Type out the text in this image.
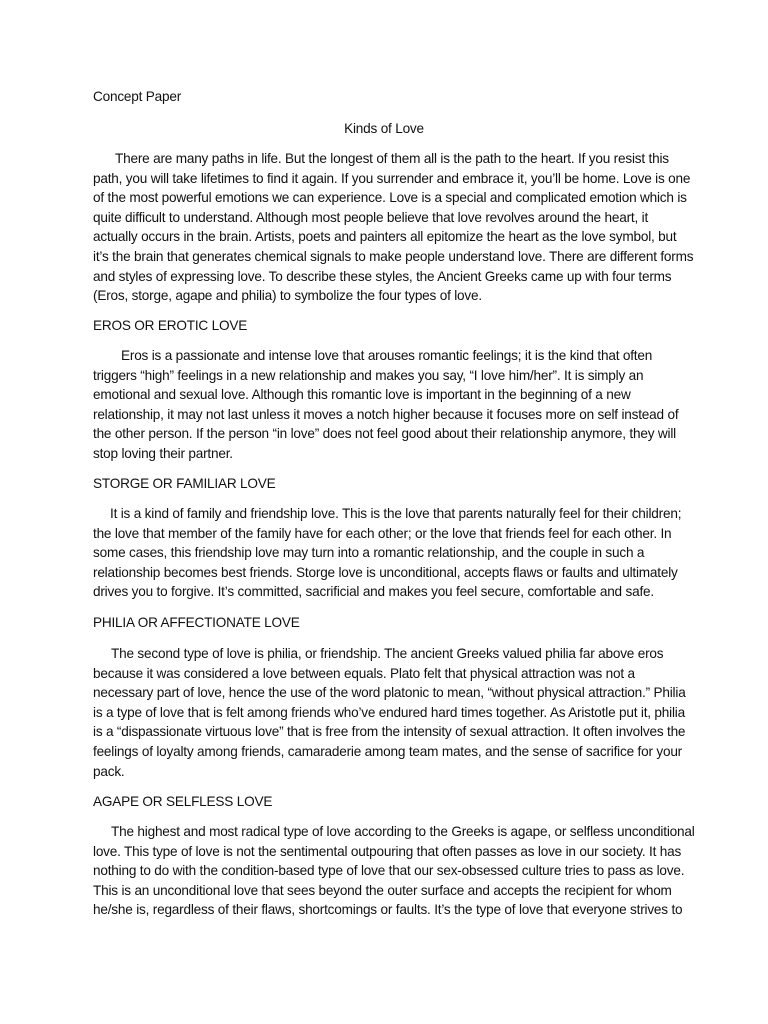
Concept Paper
Kinds of Love
There are many paths in life. But the longest of them all is the path to the heart. If you resist this
path, you will take lifetimes to find it again. If you surrender and embrace it, you’ll be home. Love is one
of the most powerful emotions we can experience. Love is a special and complicated emotion which is
quite difficult to understand. Although most people believe that love revolves around the heart, it
actually occurs in the brain. Artists, poets and painters all epitomize the heart as the love symbol, but
it’s the brain that generates chemical signals to make people understand love. There are different forms
and styles of expressing love. To describe these styles, the Ancient Greeks came up with four terms
(Eros, storge, agape and philia) to symbolize the four types of love.
EROS OR EROTIC LOVE
Eros is a passionate and intense love that arouses romantic feelings; it is the kind that often
triggers “high” feelings in a new relationship and makes you say, “I love him/her”. It is simply an
emotional and sexual love. Although this romantic love is important in the beginning of a new
relationship, it may not last unless it moves a notch higher because it focuses more on self instead of
the other person. If the person “in love” does not feel good about their relationship anymore, they will
stop loving their partner.
STORGE OR FAMILIAR LOVE
It is a kind of family and friendship love. This is the love that parents naturally feel for their children;
the love that member of the family have for each other; or the love that friends feel for each other. In
some cases, this friendship love may turn into a romantic relationship, and the couple in such a
relationship becomes best friends. Storge love is unconditional, accepts flaws or faults and ultimately
drives you to forgive. It’s committed, sacrificial and makes you feel secure, comfortable and safe.
PHILIA OR AFFECTIONATE LOVE
The second type of love is philia, or friendship. The ancient Greeks valued philia far above eros
because it was considered a love between equals. Plato felt that physical attraction was not a
necessary part of love, hence the use of the word platonic to mean, “without physical attraction.” Philia
is a type of love that is felt among friends who’ve endured hard times together. As Aristotle put it, philia
is a “dispassionate virtuous love” that is free from the intensity of sexual attraction. It often involves the
feelings of loyalty among friends, camaraderie among team mates, and the sense of sacrifice for your
pack.
AGAPE OR SELFLESS LOVE
The highest and most radical type of love according to the Greeks is agape, or selfless unconditional
love. This type of love is not the sentimental outpouring that often passes as love in our society. It has
nothing to do with the condition-based type of love that our sex-obsessed culture tries to pass as love.
This is an unconditional love that sees beyond the outer surface and accepts the recipient for whom
he/she is, regardless of their flaws, shortcomings or faults. It’s the type of love that everyone strives to
